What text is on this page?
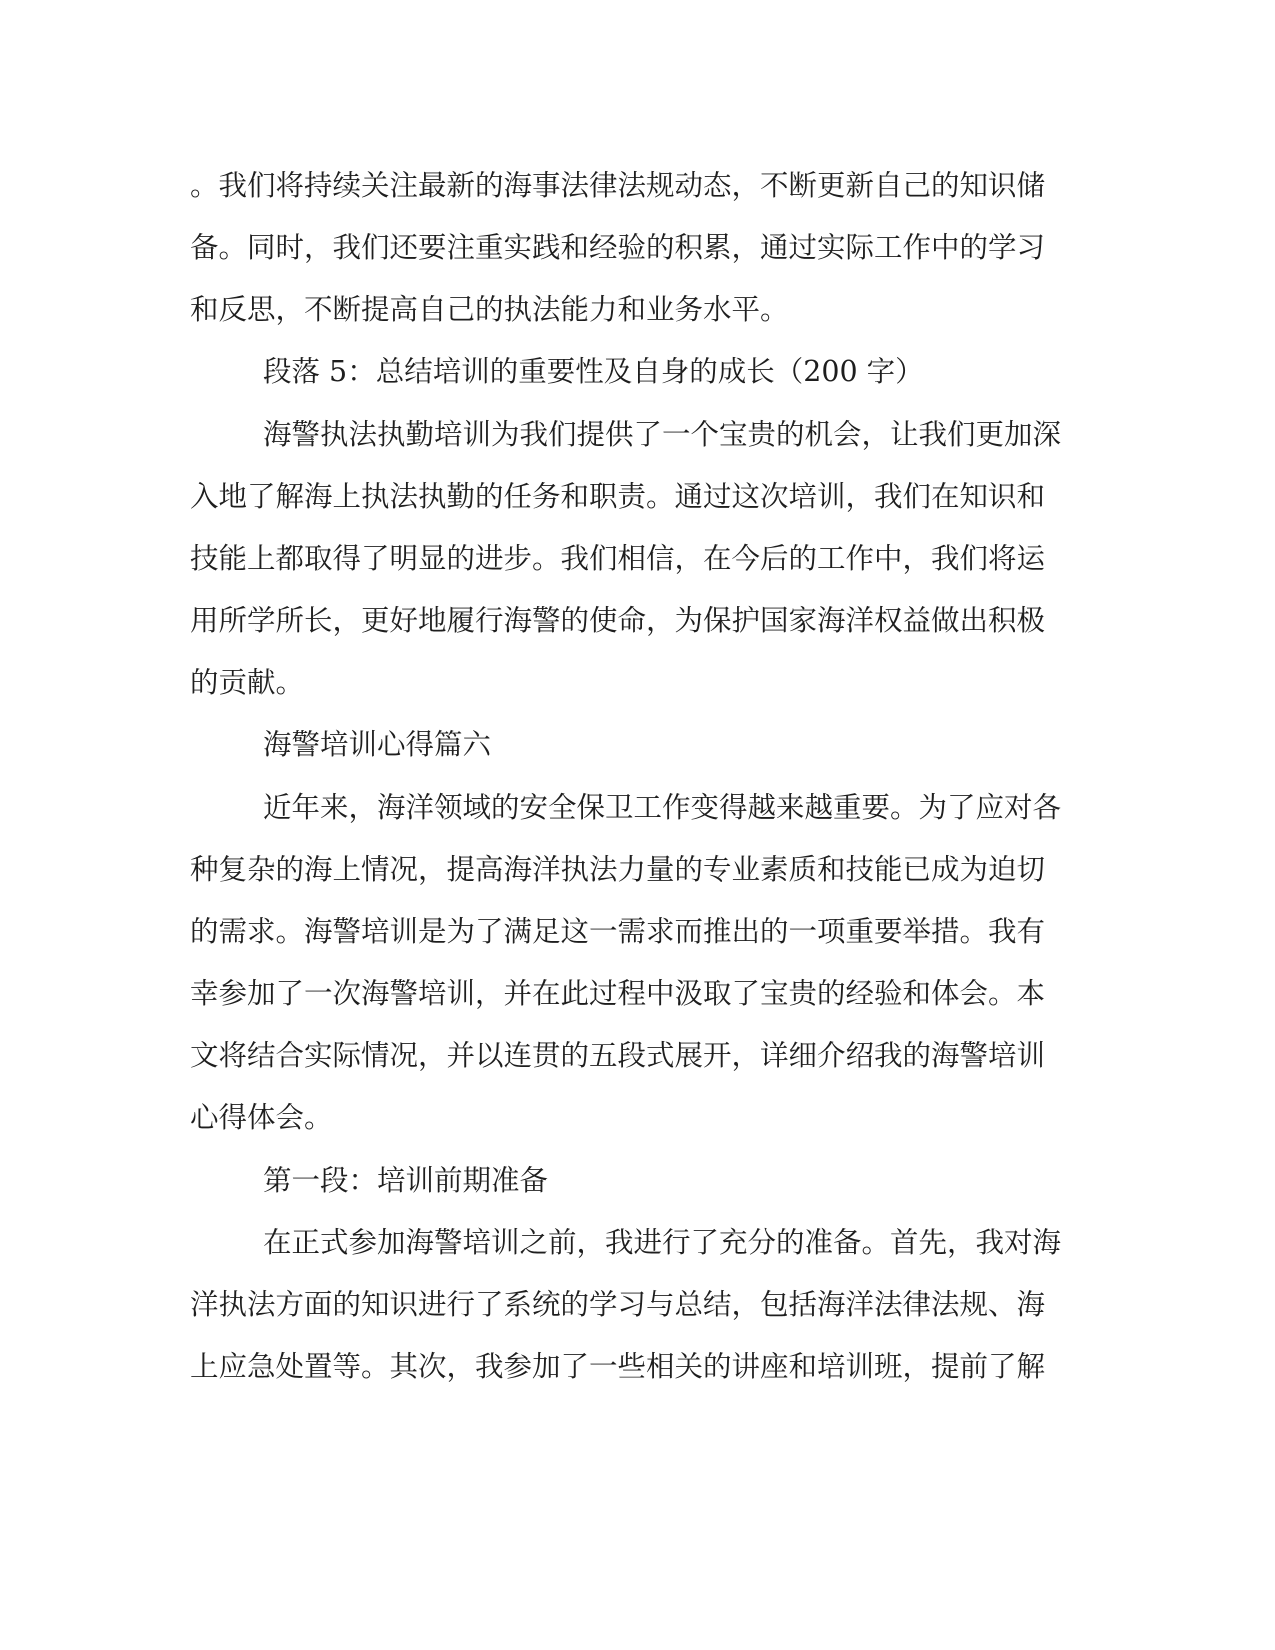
。我们将持续关注最新的海事法律法规动态，不断更新自己的知识储

备。同时，我们还要注重实践和经验的积累，通过实际工作中的学习

和反思，不断提高自己的执法能力和业务水平。

段落 5：总结培训的重要性及自身的成长（200 字）

海警执法执勤培训为我们提供了一个宝贵的机会，让我们更加深

入地了解海上执法执勤的任务和职责。通过这次培训，我们在知识和

技能上都取得了明显的进步。我们相信，在今后的工作中，我们将运

用所学所长，更好地履行海警的使命，为保护国家海洋权益做出积极

的贡献。

海警培训心得篇六

近年来，海洋领域的安全保卫工作变得越来越重要。为了应对各

种复杂的海上情况，提高海洋执法力量的专业素质和技能已成为迫切

的需求。海警培训是为了满足这一需求而推出的一项重要举措。我有

幸参加了一次海警培训，并在此过程中汲取了宝贵的经验和体会。本

文将结合实际情况，并以连贯的五段式展开，详细介绍我的海警培训

心得体会。

第一段：培训前期准备

在正式参加海警培训之前，我进行了充分的准备。首先，我对海

洋执法方面的知识进行了系统的学习与总结，包括海洋法律法规、海

上应急处置等。其次，我参加了一些相关的讲座和培训班，提前了解
